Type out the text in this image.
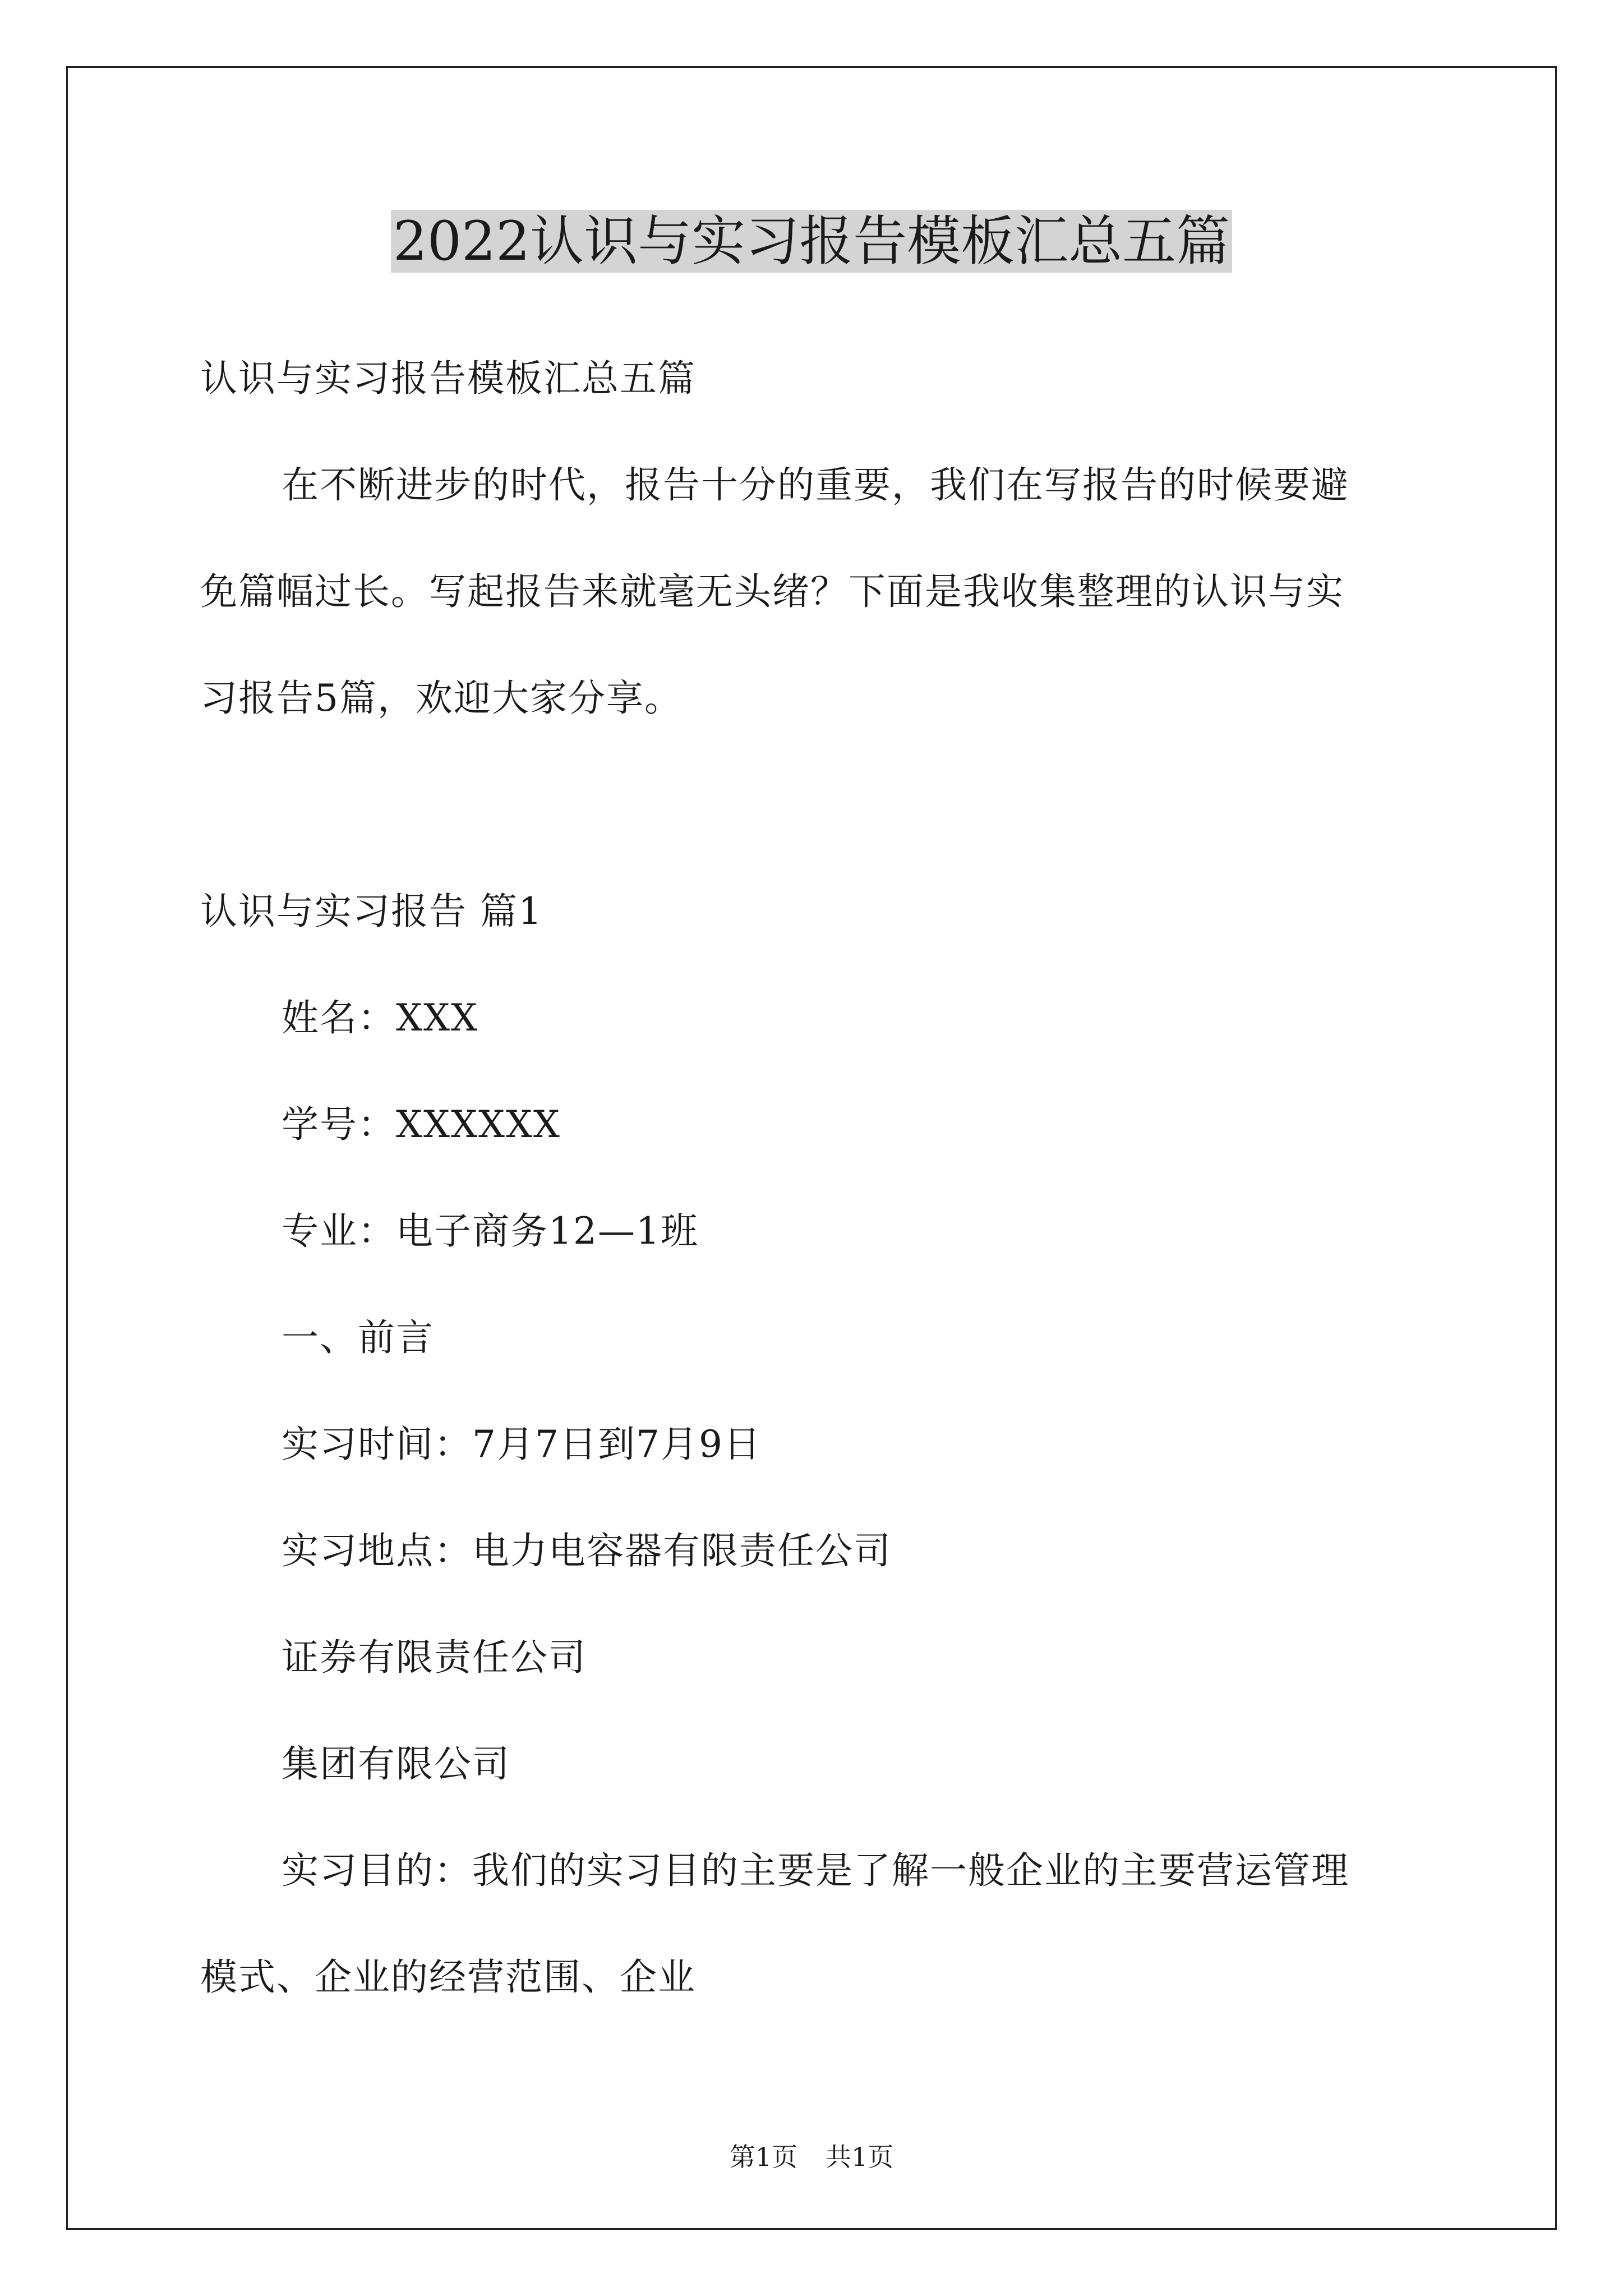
2022认识与实习报告模板汇总五篇

认识与实习报告模板汇总五篇

在不断进步的时代，报告十分的重要，我们在写报告的时候要避

免篇幅过长。写起报告来就毫无头绪？下面是我收集整理的认识与实

习报告5篇，欢迎大家分享。

认识与实习报告 篇1

姓名：XXX

学号：XXXXXX

专业：电子商务12—1班

一、前言

实习时间：7月7日到7月9日

实习地点：电力电容器有限责任公司

证券有限责任公司

集团有限公司

实习目的：我们的实习目的主要是了解一般企业的主要营运管理

模式、企业的经营范围、企业

第1页 共1页
